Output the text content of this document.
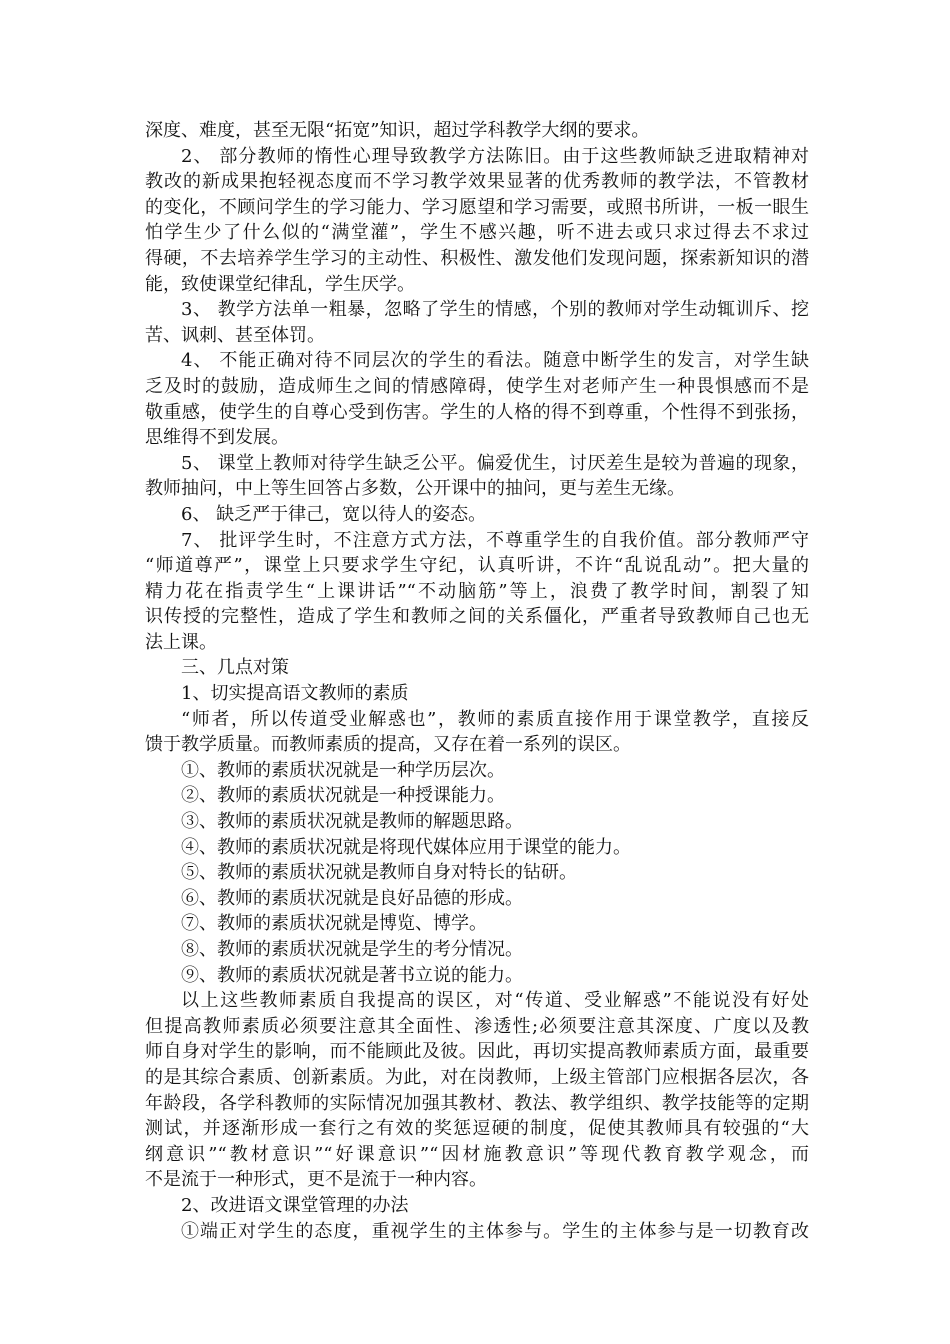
深度、难度，甚至无限“拓宽”知识，超过学科教学大纲的要求。
2、 部分教师的惰性心理导致教学方法陈旧。由于这些教师缺乏进取精神对
教改的新成果抱轻视态度而不学习教学效果显著的优秀教师的教学法，不管教材
的变化，不顾问学生的学习能力、学习愿望和学习需要，或照书所讲，一板一眼生
怕学生少了什么似的“满堂灌”，学生不感兴趣，听不进去或只求过得去不求过
得硬，不去培养学生学习的主动性、积极性、激发他们发现问题，探索新知识的潜
能，致使课堂纪律乱，学生厌学。
3、 教学方法单一粗暴，忽略了学生的情感，个别的教师对学生动辄训斥、挖
苦、讽刺、甚至体罚。
4、 不能正确对待不同层次的学生的看法。随意中断学生的发言，对学生缺
乏及时的鼓励，造成师生之间的情感障碍，使学生对老师产生一种畏惧感而不是
敬重感，使学生的自尊心受到伤害。学生的人格的得不到尊重，个性得不到张扬，
思维得不到发展。
5、 课堂上教师对待学生缺乏公平。偏爱优生，讨厌差生是较为普遍的现象，
教师抽问，中上等生回答占多数，公开课中的抽问，更与差生无缘。
6、 缺乏严于律己，宽以待人的姿态。
7、 批评学生时，不注意方式方法，不尊重学生的自我价值。部分教师严守
“师道尊严”，课堂上只要求学生守纪，认真听讲，不许“乱说乱动”。把大量的
精力花在指责学生“上课讲话”“不动脑筋”等上，浪费了教学时间，割裂了知
识传授的完整性，造成了学生和教师之间的关系僵化，严重者导致教师自己也无
法上课。
三、几点对策
1、切实提高语文教师的素质
“师者，所以传道受业解惑也”，教师的素质直接作用于课堂教学，直接反
馈于教学质量。而教师素质的提高，又存在着一系列的误区。
①、教师的素质状况就是一种学历层次。
②、教师的素质状况就是一种授课能力。
③、教师的素质状况就是教师的解题思路。
④、教师的素质状况就是将现代媒体应用于课堂的能力。
⑤、教师的素质状况就是教师自身对特长的钻研。
⑥、教师的素质状况就是良好品德的形成。
⑦、教师的素质状况就是博览、博学。
⑧、教师的素质状况就是学生的考分情况。
⑨、教师的素质状况就是著书立说的能力。
以上这些教师素质自我提高的误区，对“传道、受业解惑”不能说没有好处
但提高教师素质必须要注意其全面性、渗透性;必须要注意其深度、广度以及教
师自身对学生的影响，而不能顾此及彼。因此，再切实提高教师素质方面，最重要
的是其综合素质、创新素质。为此，对在岗教师，上级主管部门应根据各层次，各
年龄段，各学科教师的实际情况加强其教材、教法、教学组织、教学技能等的定期
测试，并逐渐形成一套行之有效的奖惩逗硬的制度，促使其教师具有较强的“大
纲意识”“教材意识”“好课意识”“因材施教意识”等现代教育教学观念，而
不是流于一种形式，更不是流于一种内容。
2、改进语文课堂管理的办法
①端正对学生的态度，重视学生的主体参与。学生的主体参与是一切教育改
